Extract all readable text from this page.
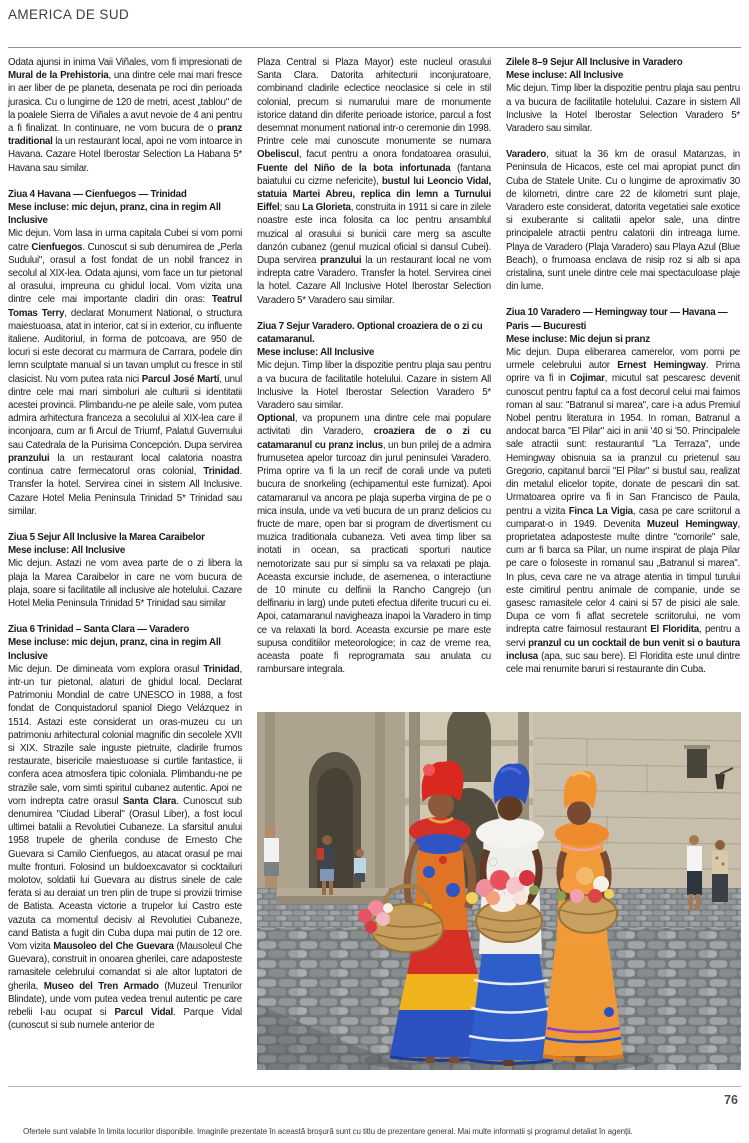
AMERICA DE SUD
Odata ajunsi in inima Vaii Viñales, vom fi impresionati de Mural de la Prehistoria, una dintre cele mai mari fresce in aer liber de pe planeta, desenata pe roci din perioada jurasica. Cu o lungime de 120 de metri, acest „tablou" de la poalele Sierra de Viñales a avut nevoie de 4 ani pentru a fi finalizat. In continuare, ne vom bucura de o pranz traditional la un restaurant local, apoi ne vom intoarce in Havana. Cazare Hotel Iberostar Selection La Habana 5* Havana sau similar.
Ziua 4 Havana — Cienfuegos — Trinidad
Mese incluse: mic dejun, pranz, cina in regim All Inclusive
Mic dejun. Vom lasa in urma capitala Cubei si vom porni catre Cienfuegos. Cunoscut si sub denumirea de „Perla Sudului", orasul a fost fondat de un nobil francez in secolul al XIX-lea. Odata ajunsi, vom face un tur pietonal al orasului, impreuna cu ghidul local. Vom vizita una dintre cele mai importante cladiri din oras: Teatrul Tomas Terry, declarat Monument National, o structura maiestuoasa, atat in interior, cat si in exterior, cu influente italiene. Auditoriul, in forma de potcoava, are 950 de locuri si este decorat cu marmura de Carrara, podele din lemn sculptate manual si un tavan umplut cu fresce in stil clasicist. Nu vom putea rata nici Parcul José Martí, unul dintre cele mai mari simboluri ale culturii si identitatii acestei provincii. Plimbandu-ne pe aleile sale, vom putea admira arhitectura franceza a secolului al XIX-lea care il inconjoara, cum ar fi Arcul de Triumf, Palatul Guvernului sau Catedrala de la Purisima Concepción. Dupa servirea pranzului la un restaurant local calatoria noastra continua catre fermecatorul oras colonial, Trinidad. Transfer la hotel. Servirea cinei in sistem All Inclusive. Cazare Hotel Melia Peninsula Trinidad 5* Trinidad sau similar.
Ziua 5 Sejur All Inclusive la Marea Caraibelor
Mese incluse: All Inclusive
Mic dejun. Astazi ne vom avea parte de o zi libera la plaja la Marea Caraibelor in care ne vom bucura de plaja, soare si facilitatile all inclusive ale hotelului. Cazare Hotel Melia Peninsula Trinidad 5* Trinidad sau similar
Ziua 6 Trinidad – Santa Clara — Varadero
Mese incluse: mic dejun, pranz, cina in regim All Inclusive
Mic dejun. De dimineata vom explora orasul Trinidad, intr-un tur pietonal, alaturi de ghidul local. Declarat Patrimoniu Mondial de catre UNESCO in 1988, a fost fondat de Conquistadorul spaniol Diego Velázquez in 1514. Astazi este considerat un oras-muzeu cu un patrimoniu arhitectural colonial magnific din secolele XVII si XIX. Strazile sale inguste pietruite, cladirile frumos restaurate, bisericile maiestuoase si curtile fantastice, ii confera acea atmosfera tipic coloniala. Plimbandu-ne pe strazile sale, vom simti spiritul cubanez autentic. Apoi ne vom indrepta catre orasul Santa Clara. Cunoscut sub denumirea "Ciudad Liberal" (Orasul Liber), a fost locul ultimei batalii a Revolutiei Cubaneze. La sfarsitul anului 1958 trupele de gherila conduse de Ernesto Che Guevara si Camilo Cienfuegos, au atacat orasul pe mai multe fronturi. Folosind un buldoexcavator si cocktailuri molotov, soldatii lui Guevara au distrus sinele de cale ferata si au deraiat un tren plin de trupe si provizii trimise de Batista. Aceasta victorie a trupelor lui Castro este vazuta ca momentul decisiv al Revolutiei Cubaneze, cand Batista a fugit din Cuba dupa mai putin de 12 ore. Vom vizita Mausoleo del Che Guevara (Mausoleul Che Guevara), construit in onoarea gherilei, care adaposteste ramasitele celebrului comandat si ale altor luptatori de gherila, Museo del Tren Armado (Muzeul Trenurilor Blindate), unde vom putea vedea trenul autentic pe care rebelii l-au ocupat si Parcul Vidal. Parque Vidal (cunoscut si sub numele anterior de
Plaza Central si Plaza Mayor) este nucleul orasului Santa Clara. Datorita arhitecturii inconjuratoare, combinand cladirile eclectice neoclasice si cele in stil colonial, precum si numarului mare de monumente istorice datand din diferite perioade istorice, parcul a fost desemnat monument national intr-o ceremonie din 1998. Printre cele mai cunoscute monumente se numara Obeliscul, facut pentru a onora fondatoarea orasului, Fuente del Niño de la bota infortunada (fantana baiatului cu cizme nefericite), bustul lui Leoncio Vidal, statuia Martei Abreu, replica din lemn a Turnului Eiffel; sau La Glorieta, construita in 1911 si care in zilele noastre este inca folosita ca loc pentru ansamblul muzical al orasului si bunicii care merg sa asculte danzón cubanez (genul muzical oficial si dansul Cubei). Dupa servirea pranzului la un restaurant local ne vom indrepta catre Varadero. Transfer la hotel. Servirea cinei la hotel. Cazare All Inclusive Hotel Iberostar Selection Varadero 5* Varadero sau similar.
Ziua 7 Sejur Varadero. Optional croaziera de o zi cu catamaranul.
Mese incluse: All Inclusive
Mic dejun. Timp liber la dispozitie pentru plaja sau pentru a va bucura de facilitatile hotelului. Cazare in sistem All Inclusive la Hotel Iberostar Selection Varadero 5* Varadero sau similar.
Optional, va propunem una dintre cele mai populare activitati din Varadero, croaziera de o zi cu catamaranul cu pranz inclus, un bun prilej de a admira frumusetea apelor turcoaz din jurul peninsulei Varadero. Prima oprire va fi la un recif de corali unde va puteti bucura de snorkeling (echipamentul este furnizat). Apoi catamaranul va ancora pe plaja superba virgina de pe o mica insula, unde va veti bucura de un pranz delicios cu fructe de mare, open bar si program de divertisment cu muzica traditionala cubaneza. Veti avea timp liber sa inotati in ocean, sa practicati sporturi nautice nemotorizate sau pur si simplu sa va relaxati pe plaja. Aceasta excursie include, de asemenea, o interactiune de 10 minute cu delfinii la Rancho Cangrejo (un delfinariu in larg) unde puteti efectua diferite trucuri cu ei. Apoi, catamaranul navigheaza inapoi la Varadero in timp ce va relaxati la bord. Aceasta excursie pe mare este supusa conditiilor meteorologice; in caz de vreme rea, aceasta poate fi reprogramata sau anulata cu rambursare integrala.
Zilele 8–9 Sejur All Inclusive in Varadero
Mese incluse: All Inclusive
Mic dejun. Timp liber la dispozitie pentru plaja sau pentru a va bucura de facilitatile hotelului. Cazare in sistem All Inclusive la Hotel Iberostar Selection Varadero 5* Varadero sau similar.
Varadero, situat la 36 km de orasul Matanzas, in Peninsula de Hicacos, este cel mai apropiat punct din Cuba de Statele Unite. Cu o lungime de aproximativ 30 de kilometri, dintre care 22 de kilometri sunt plaje, Varadero este considerat, datorita vegetatiei sale exotice si exuberante si calitatii apelor sale, una dintre principalele atractii pentru calatorii din intreaga lume. Playa de Varadero (Plaja Varadero) sau Playa Azul (Blue Beach), o frumoasa enclava de nisip roz si alb si apa cristalina, sunt unele dintre cele mai spectaculoase plaje din lume.
Ziua 10 Varadero — Hemingway tour — Havana — Paris — Bucuresti
Mese incluse: Mic dejun si pranz
Mic dejun. Dupa eliberarea camerelor, vom porni pe urmele celebrului autor Ernest Hemingway. Prima oprire va fi in Cojimar, micutul sat pescaresc devenit cunoscut pentru faptul ca a fost decorul celui mai faimos roman al sau: "Batranul si marea", care i-a adus Premiul Nobel pentru literatura in 1954. In roman, Batranul a andocat barca "El Pilar" aici in anii '40 si '50. Principalele sale atractii sunt: restaurantul "La Terraza", unde Hemingway obisnuia sa ia pranzul cu prietenul sau Gregorio, capitanul barcii "El Pilar" si bustul sau, realizat din metalul elicelor topite, donate de pescarii din sat. Urmatoarea oprire va fi in San Francisco de Paula, pentru a vizita Finca La Vigia, casa pe care scriitorul a cumparat-o in 1949. Devenita Muzeul Hemingway, proprietatea adaposteste multe dintre "comorile" sale, cum ar fi barca sa Pilar, un nume inspirat de plaja Pilar pe care o foloseste in romanul sau „Batranul si marea". In plus, ceva care ne va atrage atentia in timpul turului este cimitirul pentru animale de companie, unde se gasesc ramasitele celor 4 caini si 57 de pisici ale sale. Dupa ce vom fi aflat secretele scriitorului, ne vom indrepta catre faimosul restaurant El Floridita, pentru a servi pranzul cu un cocktail de bun venit si o bautura inclusa (apa, suc sau bere). El Floridita este unul dintre cele mai renumite baruri si restaurante din Cuba.
76
Ofertele sunt valabile în limita locurilor disponibile. Imaginile prezentate în această broșură sunt cu titlu de prezentare general. Mai multe informatii și programul detaliat în agenții.
